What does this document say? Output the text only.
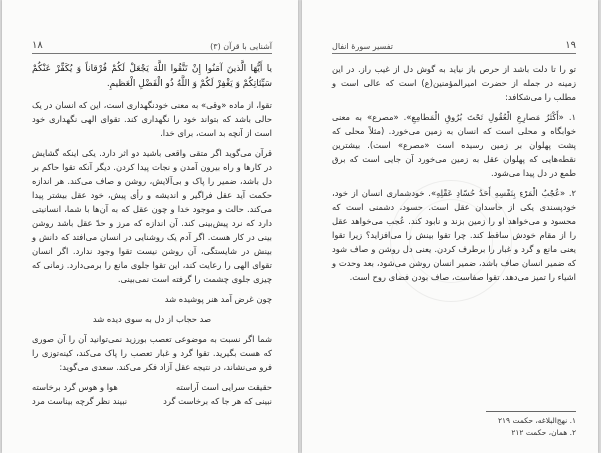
۱۸	آشنایی با قرآن (۳)

یا أَیُّهَا الَّذینَ آمَنُوا إِنْ تَتَّقُوا اللَّهَ یَجْعَلْ لَکُمْ فُرْقاناً وَ یُکَفِّرْ عَنْکُمْ سَیِّئاتِکُمْ وَ یَغْفِرْ لَکُمْ وَ اللَّهُ ذُو الْفَضْلِ الْعَظیمِ.

تقوا، از ماده «وقی» به معنی خودنگهداری است، این که انسان در یک حالی باشد که بتواند خود را نگهداری کند. تقوای الهی نگهداری خود است از آنچه بد است، برای خدا.

قرآن می‌گوید اگر متقی واقعی باشید دو اثر دارد. یکی اینکه گشایش در کارها و راه بیرون آمدن و نجات پیدا کردن. دیگر آنکه تقوا حاکم بر دل باشد، ضمیر را پاک و بی‌آلایش، روشن و صاف می‌کند. هر اندازه حکمت آید عقل فراگیر و اندیشه و رأی پیش، خود عقل بیشتر پیدا می‌کند. حالت و موجود خدا و چون عقل که به آن‌ها با شما، انسانیتی دارد که نرد پیش‌بینی کند. آن اندازه که مرز و حدّ عقل باشد روشن بینی در کار هست. اگر آدم یک روشنایی در انسان می‌افتد که دانش و بینش در شایستگی، آن روشن نیست تقوا وجود ندارد. اگر انسان تقوای الهی را رعایت کند، این تقوا جلوی مانع را برمی‌دارد. زمانی که چیزی جلوی چشمت را گرفته است نمی‌بینی.

چون غرض آمد هنر پوشیده شد

صد حجاب از دل به سوی دیده شد

شما اگر نسبت به موضوعی تعصب بورزید نمی‌توانید آن را آن صوری که هست بگیرید. تقوا گرد و غبار تعصب را پاک می‌کند، کینه‌توزی را فرو می‌نشاند، در نتیجه عقل آزاد فکر می‌کند. سعدی می‌گوید:

حقیقت سرایی است آراسته
هوا و هوس گرد برخاسته
نبینی که هر جا که برخاست گرد
نبیند نظر گرچه بیناست مرد
تفسیر سورهٔ انفال	۱۹

تو را تا دلت باشد از حرص باز نیاید به گوش دل از غیب راز. در این زمینه در جمله از حضرت امیرالمؤمنین(ع) است که عالی است و مطلب را می‌شکافد:

۱. «أَکْثَرُ مَصارِعِ الْعُقُولِ تَحْتَ بُرُوقِ الْمَطامِعِ». «مصرع» به معنی خوابگاه و محلی است که انسان به زمین می‌خورد. (مثلاً محلی که پشت پهلوان بر زمین رسیده است «مصرع» است). بیشترین نقطه‌هایی که پهلوان عقل به زمین می‌خورد آن جایی است که برق طمع در دل پیدا می‌شود.

۲. «عُجْبُ الْمَرْءِ بِنَفْسِهِ أَحَدُ حُسّادِ عَقْلِهِ». خودشماری انسان از خود، خودپسندی یکی از حاسدان عقل است. حسود، دشمنی است که محسود و می‌خواهد او را زمین بزند و نابود کند. عُجب می‌خواهد عقل را از مقام خودش ساقط کند. چرا تقوا بینش را می‌افزاید؟ زیرا تقوا یعنی مانع و گرد و غبار را برطرف کردن. یعنی دل روشن و صاف شود که ضمیر انسان صاف باشد، ضمیر انسان روشن می‌شود، بعد وحدت و اشیاء را تمیز می‌دهد. تقوا صفاست، صاف بودن فضای روح است.

۱. نهج‌البلاغه، حکمت ۲۱۹
۲. همان، حکمت ۲۱۲
